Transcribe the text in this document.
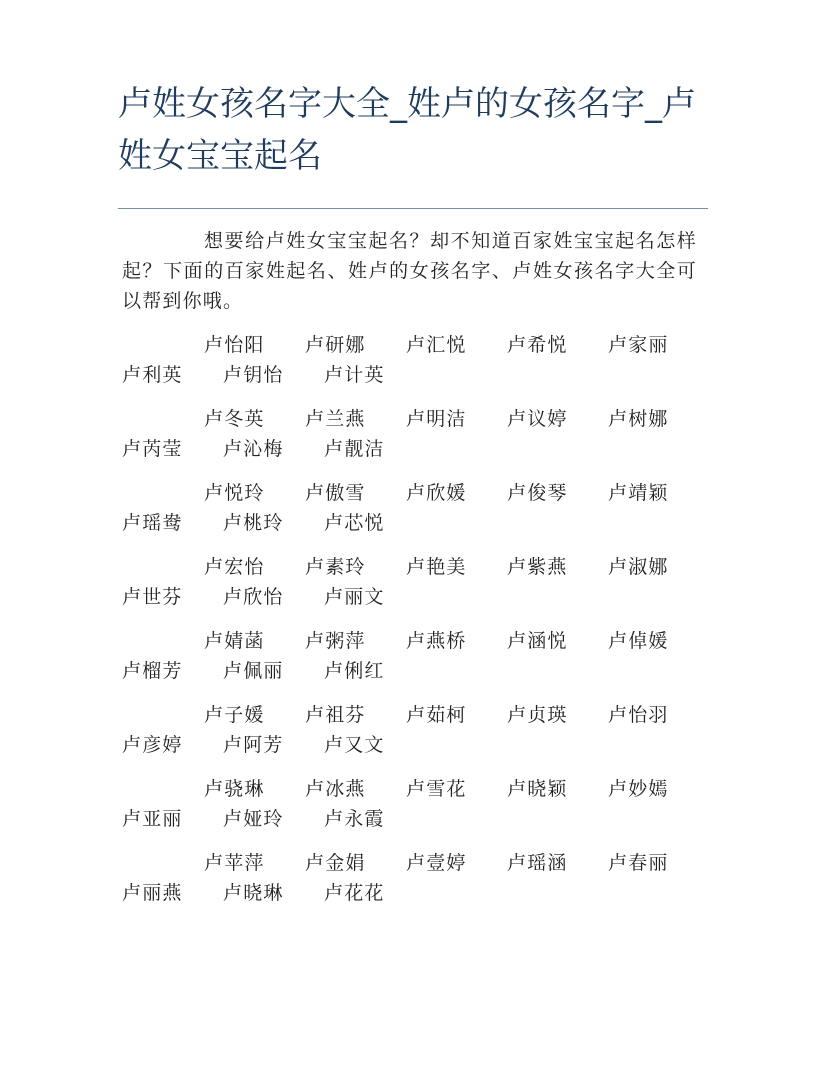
卢姓女孩名字大全_姓卢的女孩名字_卢姓女宝宝起名

想要给卢姓女宝宝起名？却不知道百家姓宝宝起名怎样起？下面的百家姓起名、姓卢的女孩名字、卢姓女孩名字大全可以帮到你哦。

卢怡阳 卢研娜 卢汇悦 卢希悦 卢家丽
卢利英 卢钥怡 卢计英
卢冬英 卢兰燕 卢明洁 卢议婷 卢树娜
卢芮莹 卢沁梅 卢靓洁
卢悦玲 卢傲雪 卢欣媛 卢俊琴 卢靖颖
卢瑶鸯 卢桃玲 卢芯悦
卢宏怡 卢素玲 卢艳美 卢紫燕 卢淑娜
卢世芬 卢欣怡 卢丽文
卢婧菡 卢粥萍 卢燕桥 卢涵悦 卢倬媛
卢榴芳 卢佩丽 卢俐红
卢子媛 卢祖芬 卢茹柯 卢贞瑛 卢怡羽
卢彦婷 卢阿芳 卢又文
卢骁琳 卢冰燕 卢雪花 卢晓颖 卢妙嫣
卢亚丽 卢娅玲 卢永霞
卢苹萍 卢金娟 卢壹婷 卢瑶涵 卢春丽
卢丽燕 卢晓琳 卢花花
